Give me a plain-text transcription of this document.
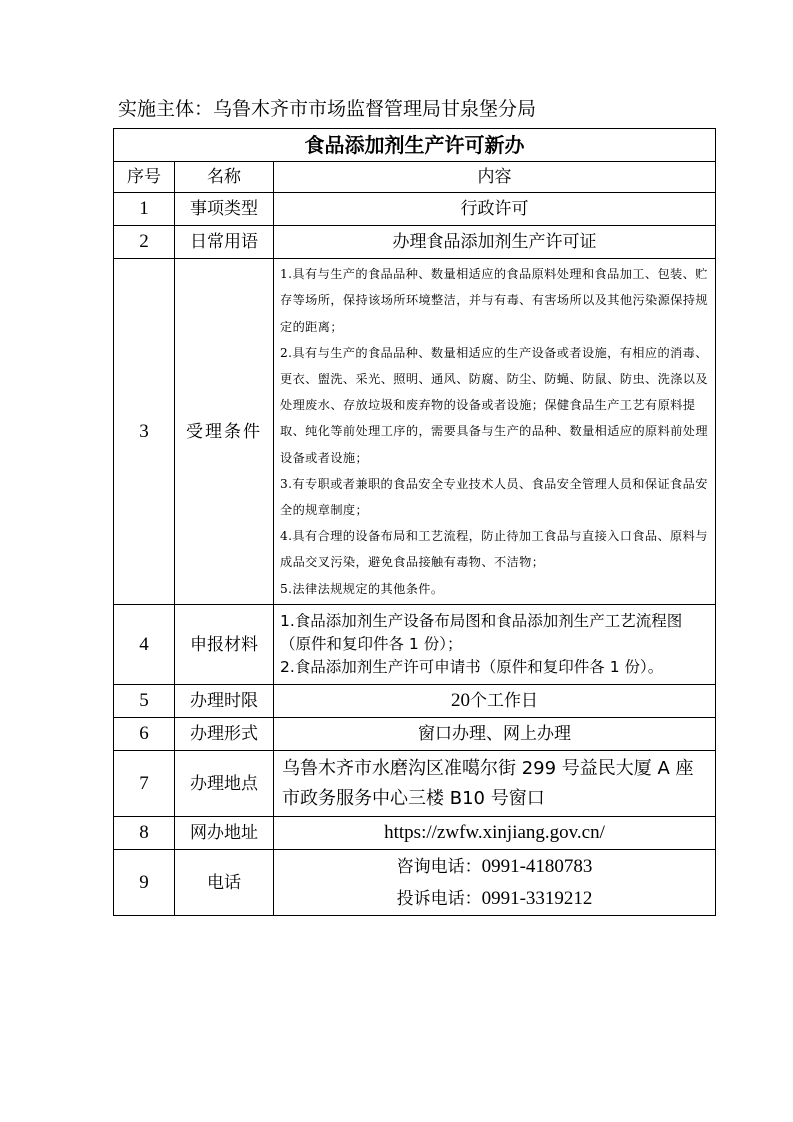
实施主体：乌鲁木齐市市场监督管理局甘泉堡分局
食品添加剂生产许可新办		
序号	名称	内容
1	事项类型	行政许可
2	日常用语	办理食品添加剂生产许可证
3	受理条件	1.具有与生产的食品品种、数量相适应的食品原料处理和食品加工、包装、贮存等场所，保持该场所环境整洁，并与有毒、有害场所以及其他污染源保持规定的距离；
2.具有与生产的食品品种、数量相适应的生产设备或者设施，有相应的消毒、更衣、盥洗、采光、照明、通风、防腐、防尘、防蝇、防鼠、防虫、洗涤以及处理废水、存放垃圾和废弃物的设备或者设施；保健食品生产工艺有原料提取、纯化等前处理工序的，需要具备与生产的品种、数量相适应的原料前处理设备或者设施；
3.有专职或者兼职的食品安全专业技术人员、食品安全管理人员和保证食品安全的规章制度；
4.具有合理的设备布局和工艺流程，防止待加工食品与直接入口食品、原料与成品交叉污染，避免食品接触有毒物、不洁物；
5.法律法规规定的其他条件。

4	申报材料	1.食品添加剂生产设备布局图和食品添加剂生产工艺流程图（原件和复印件各 1 份）；
2.食品添加剂生产许可申请书（原件和复印件各 1 份）。

5	办理时限	20个工作日
6	办理形式	窗口办理、网上办理
7	办理地点	乌鲁木齐市水磨沟区准噶尔街 299 号益民大厦 A 座市政务服务中心三楼 B10 号窗口
8	网办地址	https://zwfw.xinjiang.gov.cn/
9	电话	咨询电话：0991-4180783
投诉电话：0991-3319212
